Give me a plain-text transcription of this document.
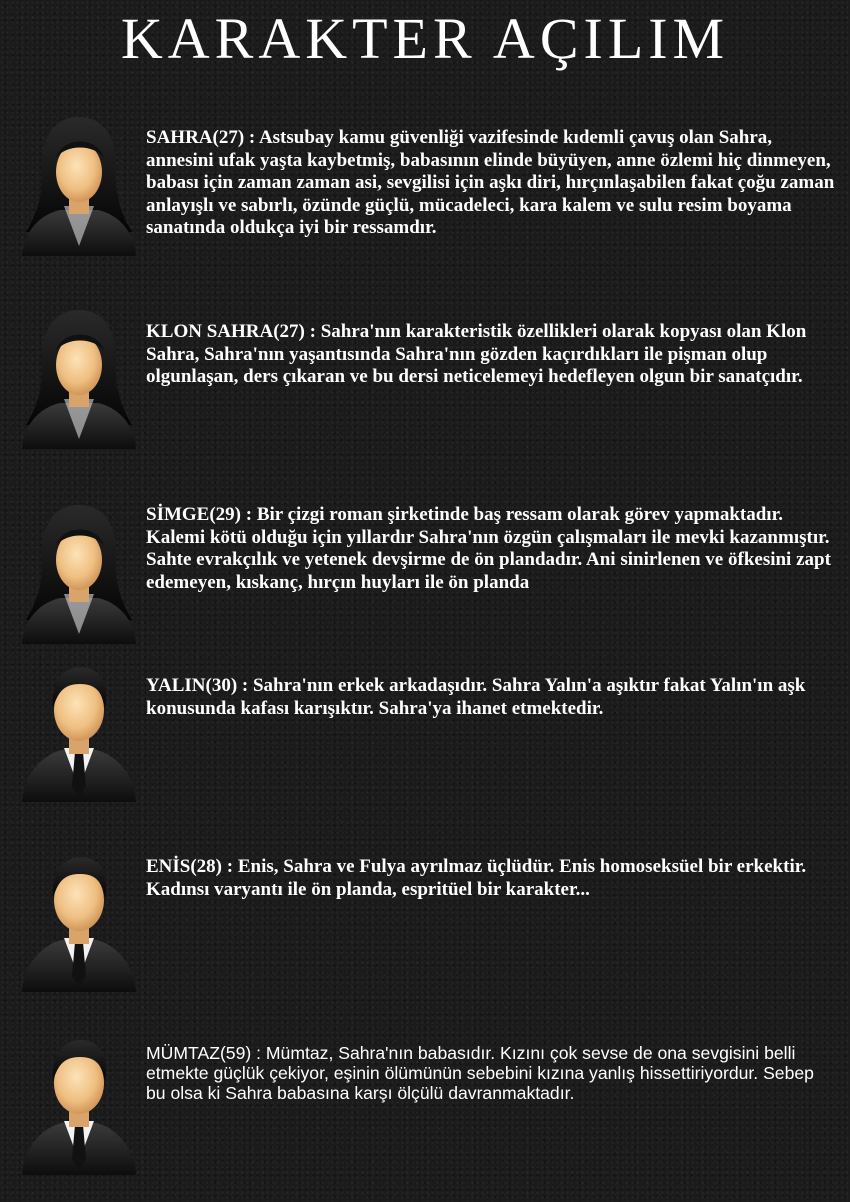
KARAKTER AÇILIM

SAHRA(27) : Astsubay kamu güvenliği vazifesinde kıdemli çavuş olan Sahra, annesini ufak yaşta kaybetmiş, babasının elinde büyüyen, anne özlemi hiç dinmeyen, babası için zaman zaman asi, sevgilisi için aşkı diri, hırçınlaşabilen fakat çoğu zaman anlayışlı ve sabırlı, özünde güçlü, mücadeleci, kara kalem ve sulu resim boyama sanatında oldukça iyi bir ressamdır.

KLON SAHRA(27) : Sahra'nın karakteristik özellikleri olarak kopyası olan Klon Sahra, Sahra'nın yaşantısında Sahra'nın gözden kaçırdıkları ile pişman olup olgunlaşan, ders çıkaran ve bu dersi neticelemeyi hedefleyen olgun bir sanatçıdır.

SİMGE(29) : Bir çizgi roman şirketinde baş ressam olarak görev yapmaktadır. Kalemi kötü olduğu için yıllardır Sahra'nın özgün çalışmaları ile mevki kazanmıştır. Sahte evrakçılık ve yetenek devşirme de ön plandadır. Ani sinirlenen ve öfkesini zapt edemeyen, kıskanç, hırçın huyları ile ön planda

YALIN(30) : Sahra'nın erkek arkadaşıdır. Sahra Yalın'a aşıktır fakat Yalın'ın aşk konusunda kafası karışıktır. Sahra'ya ihanet etmektedir.

ENİS(28) : Enis, Sahra ve Fulya ayrılmaz üçlüdür. Enis homoseksüel bir erkektir. Kadınsı varyantı ile ön planda, espritüel bir karakter...

MÜMTAZ(59) : Mümtaz, Sahra'nın babasıdır. Kızını çok sevse de ona sevgisini belli etmekte güçlük çekiyor, eşinin ölümünün sebebini kızına yanlış hissettiriyordur. Sebep bu olsa ki Sahra babasına karşı ölçülü davranmaktadır.
